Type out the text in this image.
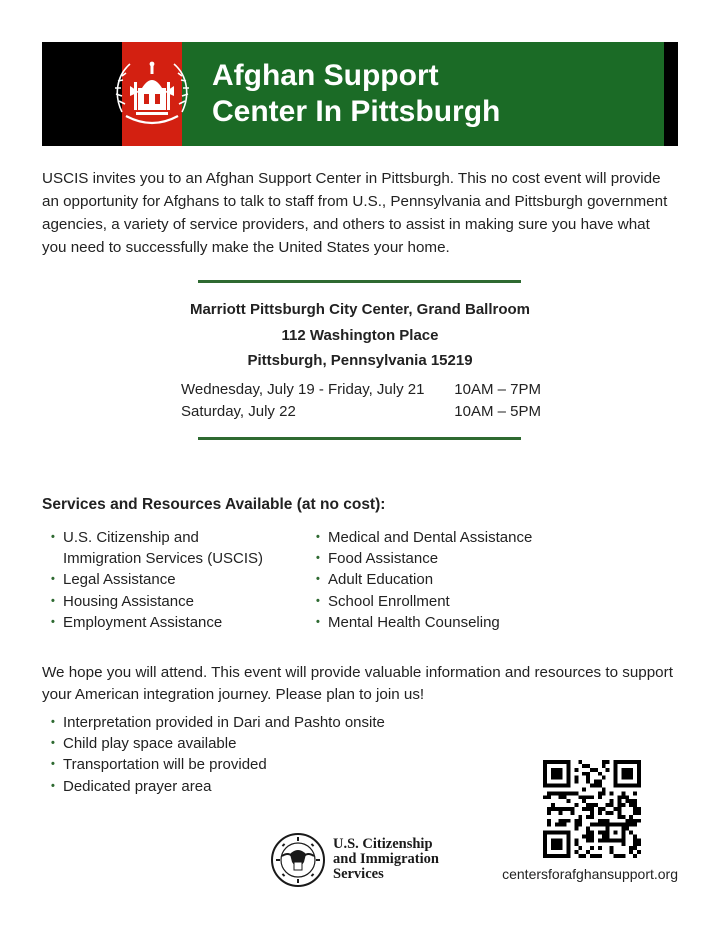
Afghan Support
Center In Pittsburgh

USCIS invites you to an Afghan Support Center in Pittsburgh. This no cost event will provide an opportunity for Afghans to talk to staff from U.S., Pennsylvania and Pittsburgh government agencies, a variety of service providers, and others to assist in making sure you have what you need to successfully make the United States your home.

Marriott Pittsburgh City Center, Grand Ballroom
112 Washington Place
Pittsburgh, Pennsylvania 15219
Wednesday, July 19 - Friday, July 21 10AM – 7PM
Saturday, July 22	10AM – 5PM
Services and Resources Available (at no cost):
• U.S. Citizenship and
Immigration Services (USCIS)
• Legal Assistance
• Housing Assistance
• Employment Assistance
• Medical and Dental Assistance
• Food Assistance
• Adult Education
• School Enrollment
• Mental Health Counseling

We hope you will attend. This event will provide valuable information and resources to support your American integration journey. Please plan to join us!

• Interpretation provided in Dari and Pashto onsite
• Child play space available
• Transportation will be provided
• Dedicated prayer area
U.S. Citizenship
and Immigration
Services	centersforafghansupport.org
